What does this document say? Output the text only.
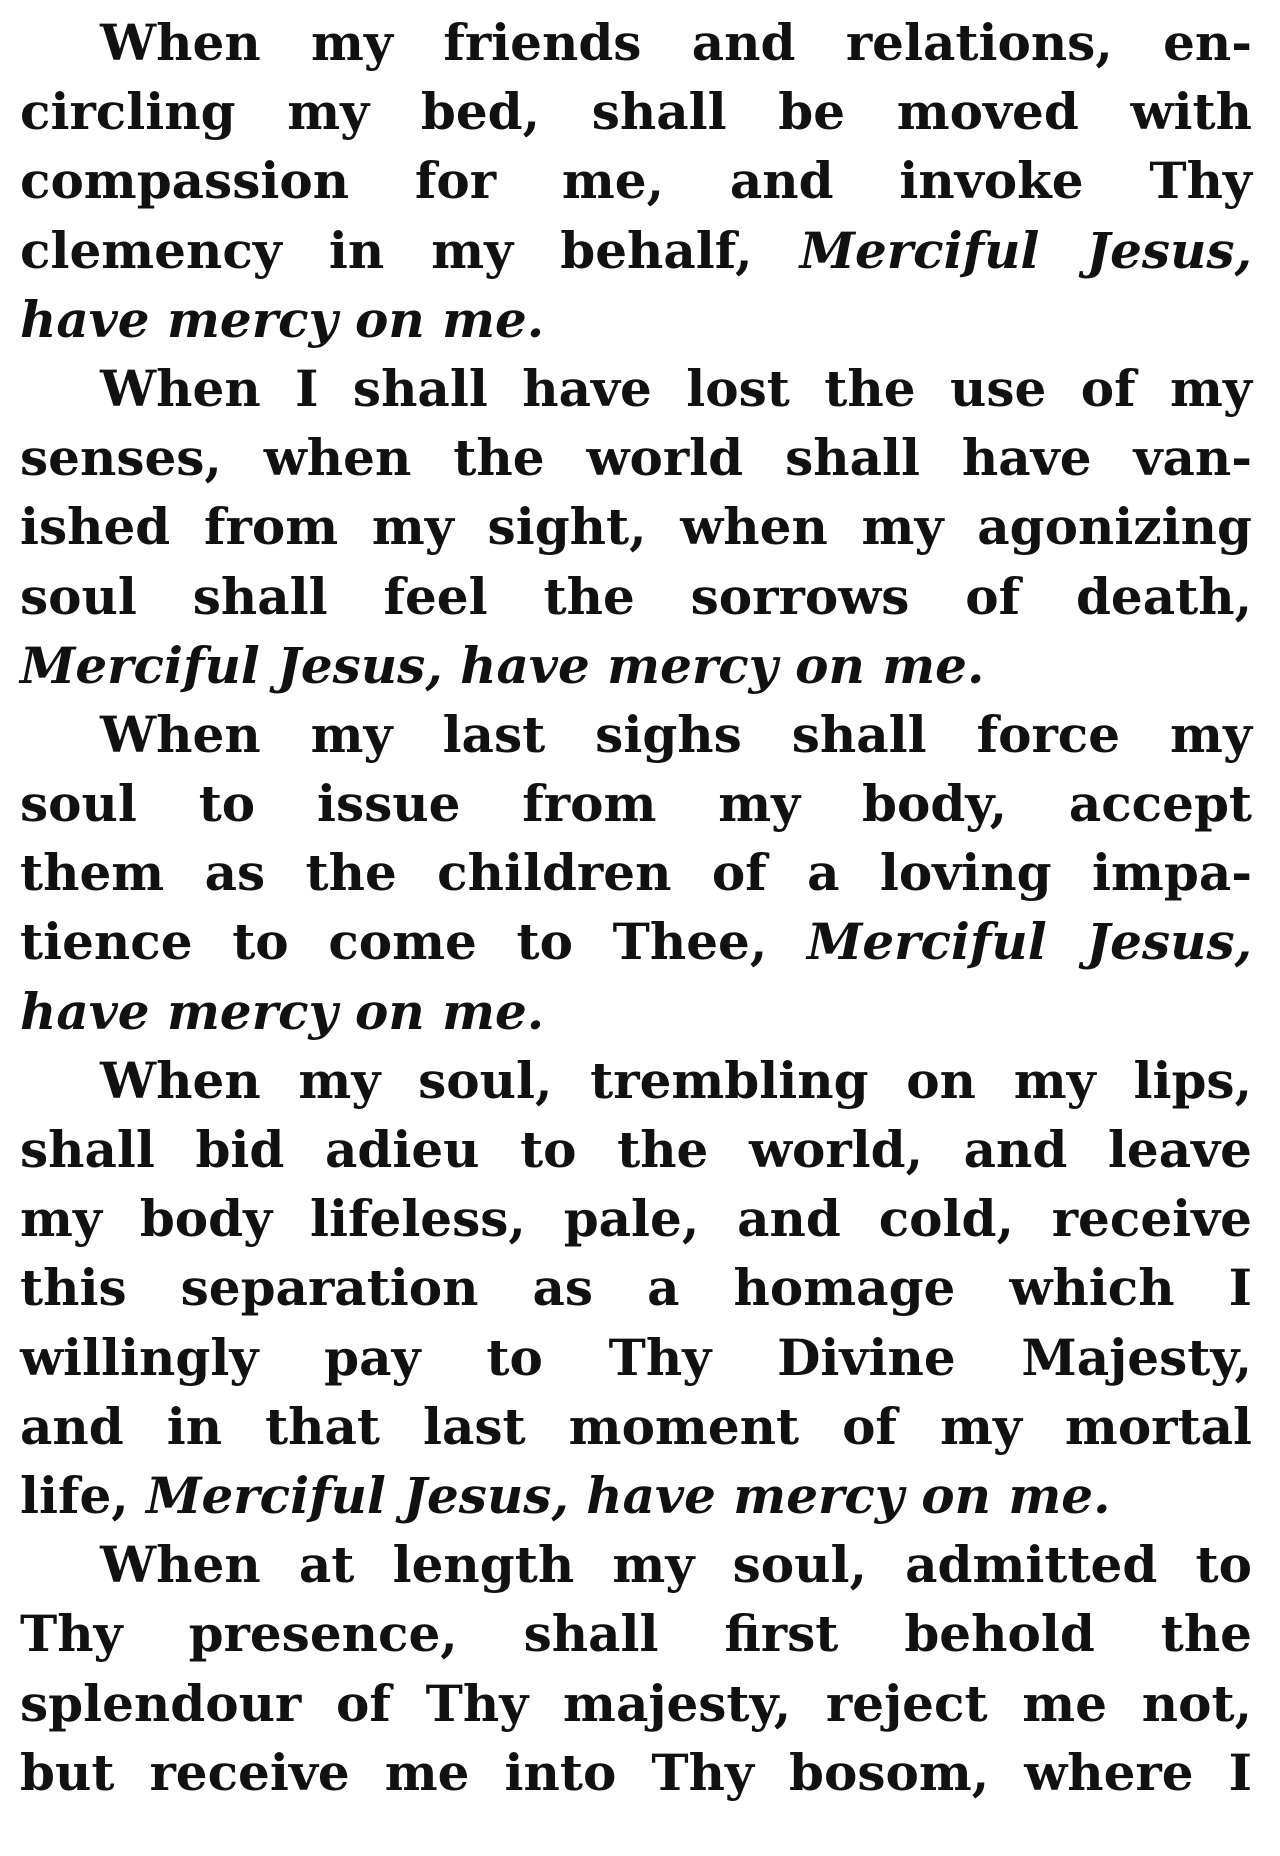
When my friends and relations, en-
circling my bed, shall be moved with
compassion for me, and invoke Thy
clemency in my behalf, Merciful Jesus,
have mercy on me.
When I shall have lost the use of my
senses, when the world shall have van-
ished from my sight, when my agonizing
soul shall feel the sorrows of death,
Merciful Jesus, have mercy on me.
When my last sighs shall force my
soul to issue from my body, accept
them as the children of a loving impa-
tience to come to Thee, Merciful Jesus,
have mercy on me.
When my soul, trembling on my lips,
shall bid adieu to the world, and leave
my body lifeless, pale, and cold, receive
this separation as a homage which I
willingly pay to Thy Divine Majesty,
and in that last moment of my mortal
life, Merciful Jesus, have mercy on me.
When at length my soul, admitted to
Thy presence, shall first behold the
splendour of Thy majesty, reject me not,
but receive me into Thy bosom, where I
